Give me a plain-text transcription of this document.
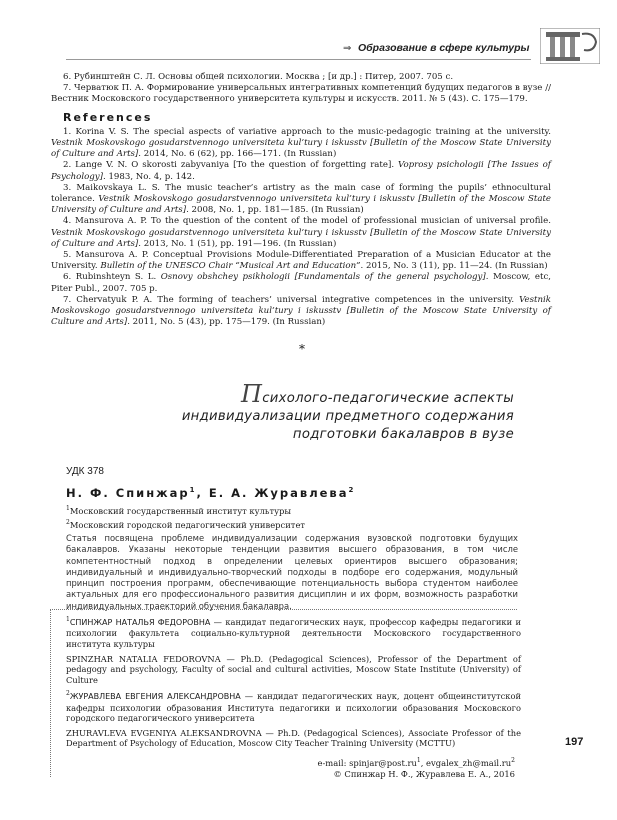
⇒ Образование в сфере культуры

6. Рубинштейн С. Л. Основы общей психологии. Москва ; [и др.] : Питер, 2007. 705 с.

7. Черватюк П. А. Формирование универсальных интегративных компетенций будущих педагогов в вузе // Вестник Московского государственного университета культуры и искусств. 2011. № 5 (43). С. 175—179.

References

1. Korina V. S. The special aspects of variative approach to the music-pedagogic training at the university. Vestnik Moskovskogo gosudarstvennogo universiteta kul’tury i iskusstv [Bulletin of the Moscow State University of Culture and Arts]. 2014, No. 6 (62), pp. 166—171. (In Russian)

2. Lange V. N. O skorosti zabyvaniya [To the question of forgetting rate]. Voprosy psichologii [The Issues of Psychology]. 1983, No. 4, p. 142.

3. Maikovskaya L. S. The music teacher’s artistry as the main case of forming the pupils’ ethnocultural tolerance. Vestnik Moskovskogo gosudarstvennogo universiteta kul’tury i iskusstv [Bulletin of the Moscow State University of Culture and Arts]. 2008, No. 1, pp. 181—185. (In Russian)

4. Mansurova A. P. To the question of the content of the model of professional musician of universal profile. Vestnik Moskovskogo gosudarstvennogo universiteta kul’tury i iskusstv [Bulletin of the Moscow State University of Culture and Arts]. 2013, No. 1 (51), pp. 191—196. (In Russian)

5. Mansurova A. P. Conceptual Provisions Module-Differentiated Preparation of a Musician Educator at the University. Bulletin of the UNESCO Chair “Musical Art and Education”. 2015, No. 3 (11), pp. 11—24. (In Russian)

6. Rubinshteyn S. L. Osnovy obshchey psikhologii [Fundamentals of the general psychology]. Moscow, etc, Piter Publ., 2007. 705 p.

7. Chervatyuk P. A. The forming of teachers’ universal integrative competences in the university. Vestnik Moskovskogo gosudarstvennogo universiteta kul’tury i iskusstv [Bulletin of the Moscow State University of Culture and Arts]. 2011, No. 5 (43), pp. 175—179. (In Russian)

*
Психолого-педагогические аспекты
индивидуализации предметного содержания
подготовки бакалавров в вузе
УДК 378
Н. Ф. Спинжар$^1$, Е. А. Журавлева$^2$
$^1$Московский государственный институт культуры
$^2$Московский городской педагогический университет
Статья посвящена проблеме индивидуализации содержания вузовской подготовки будущих бакалавров. Указаны некоторые тенденции развития высшего образования, в том числе компетентностный подход в определении целевых ориентиров высшего образования; индивидуальный и индивидуально-творческий подходы в подборе его содержания, модульный принцип построения программ, обеспечивающие потенциальность выбора студентом наиболее актуальных для его профессионального развития дисциплин и их форм, возможность разработки индивидуальных траекторий обучения бакалавра.

$^1$СПИНЖАР НАТАЛЬЯ ФЕДОРОВНА — кандидат педагогических наук, профессор кафедры педагогики и психологии факультета социально-культурной деятельности Московского государственного института культуры

SPINZHAR NATALIA FEDOROVNA — Ph.D. (Pedagogical Sciences), Professor of the Department of pedagogy and psychology, Faculty of social and cultural activities, Moscow State Institute (University) of Culture

$^2$ЖУРАВЛЕВА ЕВГЕНИЯ АЛЕКСАНДРОВНА — кандидат педагогических наук, доцент общеинститутской кафедры психологии образования Института педагогики и психологии образования Московского городского педагогического университета

ZHURAVLEVA EVGENIYA ALEKSANDROVNA — Ph.D. (Pedagogical Sciences), Associate Professor of the Department of Psychology of Education, Moscow City Teacher Training University (MCTTU)	197
e-mail: $spinjar@post.ru^1$, $evgalex\_zh@mail.ru^2$
© Спинжар Н. Ф., Журавлева Е. А., 2016
